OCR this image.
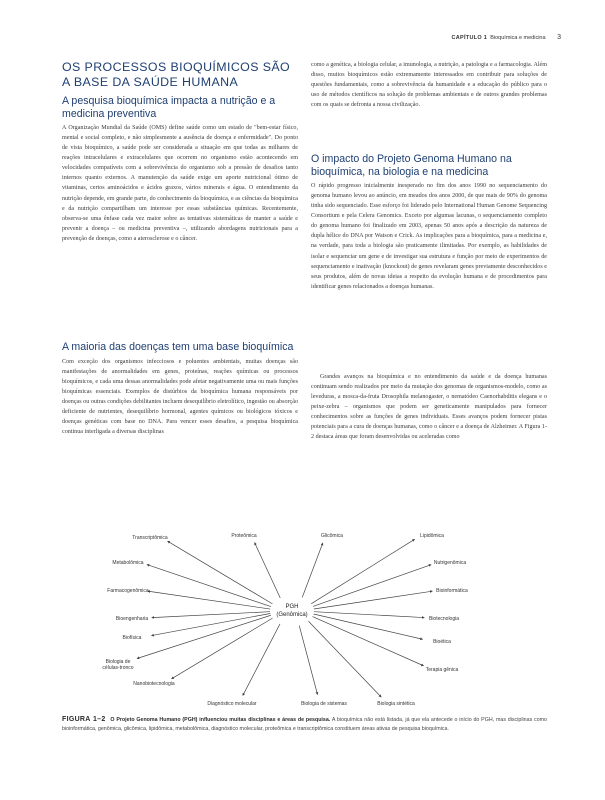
CAPÍTULO 1 Bioquímica e medicina 3
OS PROCESSOS BIOQUÍMICOS SÃO A BASE DA SAÚDE HUMANA
A pesquisa bioquímica impacta a nutrição e a medicina preventiva

A Organização Mundial da Saúde (OMS) define saúde como um estado de "bem-estar físico, mental e social completo, e não simplesmente a ausência de doença e enfermidade". Do ponto de vista bioquímico, a saúde pode ser considerada a situação em que todas as milhares de reações intracelulares e extracelulares que ocorrem no organismo estão acontecendo em velocidades compatíveis com a sobrevivência do organismo sob a pressão de desafios tanto internos quanto externos. A manutenção da saúde exige um aporte nutricional ótimo de vitaminas, certos aminoácidos e ácidos graxos, vários minerais e água. O entendimento da nutrição depende, em grande parte, do conhecimento da bioquímica, e as ciências da bioquímica e da nutrição compartilham um interesse por essas substâncias químicas. Recentemente, observa-se uma ênfase cada vez maior sobre as tentativas sistemáticas de manter a saúde e prevenir a doença – ou medicina preventiva –, utilizando abordagens nutricionais para a prevenção de doenças, como a aterosclerose e o câncer.

A maioria das doenças tem uma base bioquímica

Com exceção dos organismos infecciosos e poluentes ambientais, muitas doenças são manifestações de anormalidades em genes, proteínas, reações químicas ou processos bioquímicos, e cada uma dessas anormalidades pode afetar negativamente uma ou mais funções bioquímicas essenciais. Exemplos de distúrbios da bioquímica humana responsáveis por doenças ou outras condições debilitantes incluem desequilíbrio eletrolítico, ingestão ou absorção deficiente de nutrientes, desequilíbrio hormonal, agentes químicos ou biológicos tóxicos e doenças genéticas com base no DNA. Para vencer esses desafios, a pesquisa bioquímica continua interligada a diversas disciplinas

como a genética, a biologia celular, a imunologia, a nutrição, a patologia e a farmacologia. Além disso, muitos bioquímicos estão extremamente interessados em contribuir para soluções de questões fundamentais, como a sobrevivência da humanidade e a educação do público para o uso de métodos científicos na solução de problemas ambientais e de outros grandes problemas com os quais se defronta a nossa civilização.

O impacto do Projeto Genoma Humano na bioquímica, na biologia e na medicina

O rápido progresso inicialmente inesperado no fim dos anos 1990 no sequenciamento do genoma humano levou ao anúncio, em meados dos anos 2000, de que mais de 90% do genoma tinha sido sequenciado. Esse esforço foi liderado pelo International Human Genome Sequencing Consortium e pela Celera Genomics. Exceto por algumas lacunas, o sequenciamento completo do genoma humano foi finalizado em 2003, apenas 50 anos após a descrição da natureza de dupla hélice do DNA por Watson e Crick. As implicações para a bioquímica, para a medicina e, na verdade, para toda a biologia são praticamente ilimitadas. Por exemplo, as habilidades de isolar e sequenciar um gene e de investigar sua estrutura e função por meio de experimentos de sequenciamento e inativação (knockout) de genes revelaram genes previamente desconhecidos e seus produtos, além de novas ideias a respeito da evolução humana e de procedimentos para identificar genes relacionados a doenças humanas.

Grandes avanços na bioquímica e no entendimento da saúde e da doença humanas continuam sendo realizados por meio da mutação dos genomas de organismos-modelo, como as leveduras, a mosca-da-fruta Drosophila melanogaster, o nematódeo Caenorhabditis elegans e o peixe-zebra – organismos que podem ser geneticamente manipulados para fornecer conhecimentos sobre as funções de genes individuais. Esses avanços podem fornecer pistas potenciais para a cura de doenças humanas, como o câncer e a doença de Alzheimer. A Figura 1-2 destaca áreas que foram desenvolvidas ou aceleradas como

Transcriptômica	Proteômica	Glicômica	Lipidômica
Metabolômica	Nutrigenômica
Farmacogenômica	Bioinformática
Bioengenharia	Biotecnologia
Biofísica
Bioética
Biologia de
células-tronco	Terapia gênica
Nanobiotecnologia
Diagnóstico molecular	Biologia de sistemas	Biologia sintética
PGH
(Genômica)
FIGURA 1–2 O Projeto Genoma Humano (PGH) influenciou muitas disciplinas e áreas de pesquisa. A bioquímica não está listada, já que ela antecede o início do PGH, mas disciplinas como bioinformática, genômica, glicômica, lipidômica, metabolômica, diagnóstico molecular, proteômica e transcriptômica constituem áreas ativas de pesquisa bioquímica.
